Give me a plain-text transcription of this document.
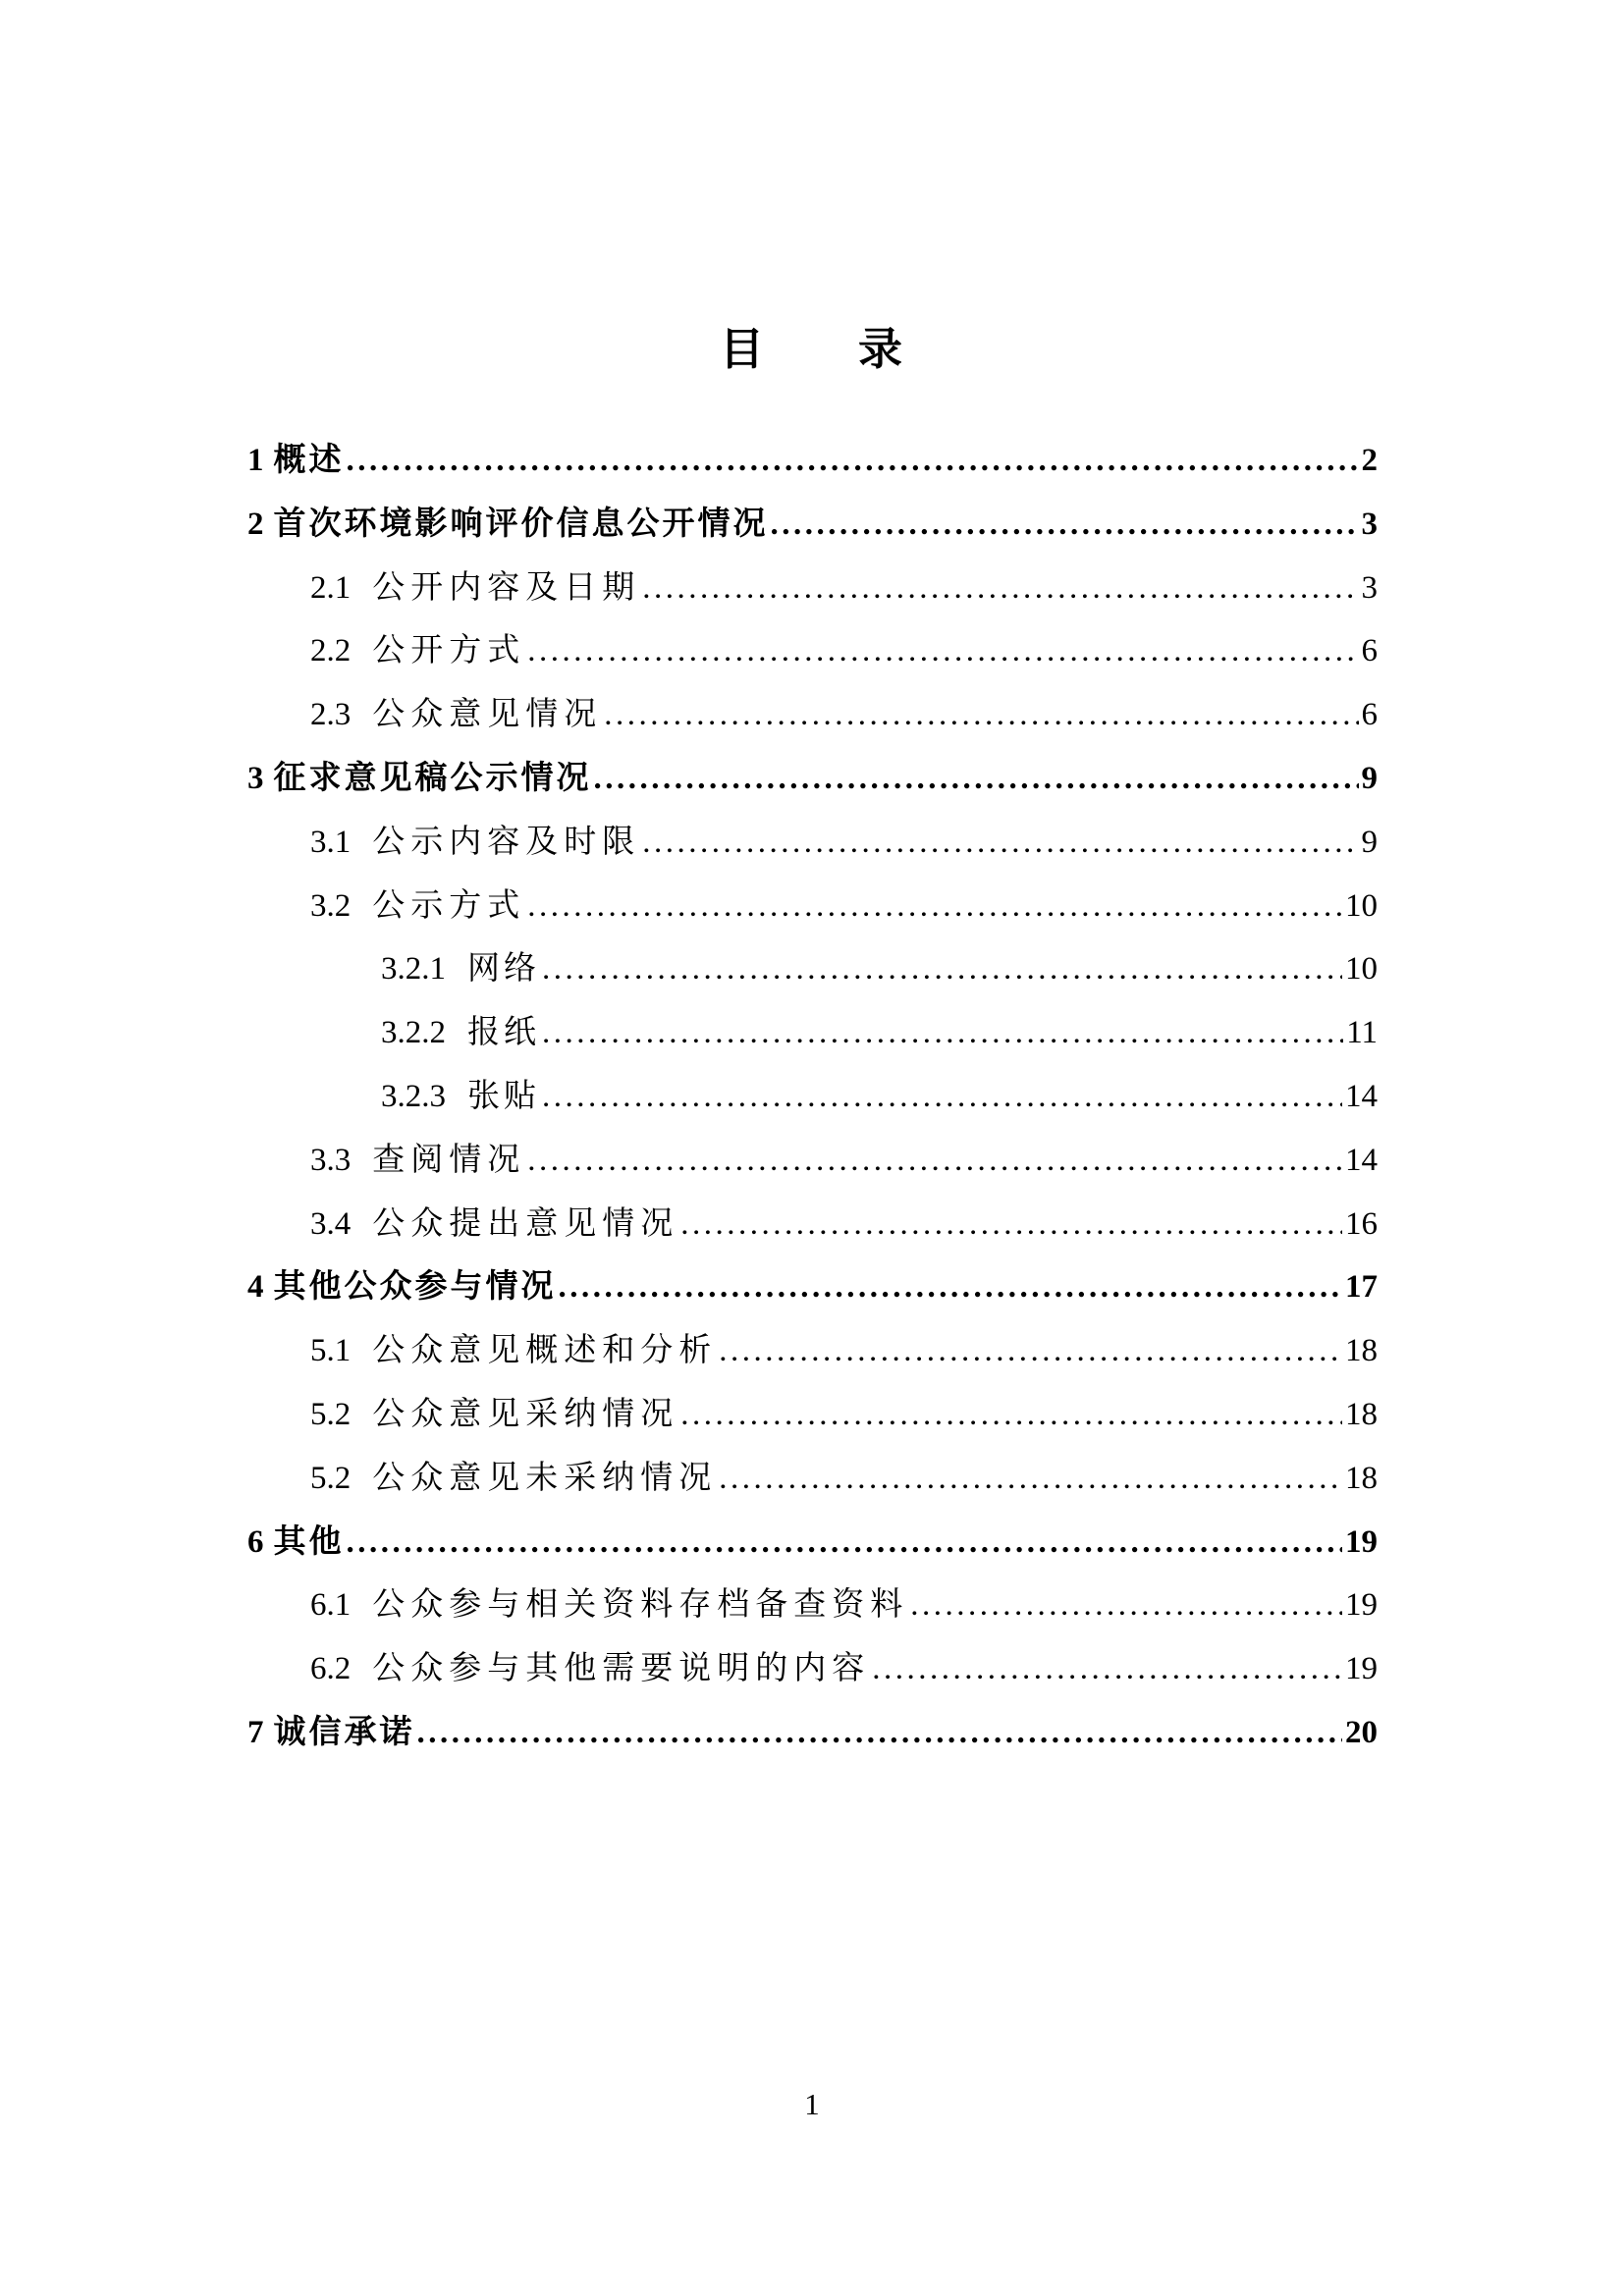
目　　录
1 概述 .....	2
2 首次环境影响评价信息公开情况 .....	3
2.1 公开内容及日期 .....	3
2.2 公开方式 .....	6
2.3 公众意见情况 .....	6
3 征求意见稿公示情况 .....	9
3.1 公示内容及时限 .....	9
3.2 公示方式 .....	10
3.2.1 网络 .....	10
3.2.2 报纸 .....	11
3.2.3 张贴 .....	14
3.3 查阅情况 .....	14
3.4 公众提出意见情况 .....	16
4 其他公众参与情况 .....	17
5.1 公众意见概述和分析 .....	18
5.2 公众意见采纳情况 .....	18
5.2 公众意见未采纳情况 .....	18
6 其他 .....	19
6.1 公众参与相关资料存档备查资料 .....	19
6.2 公众参与其他需要说明的内容 .....	19
7 诚信承诺 .....	20
1
